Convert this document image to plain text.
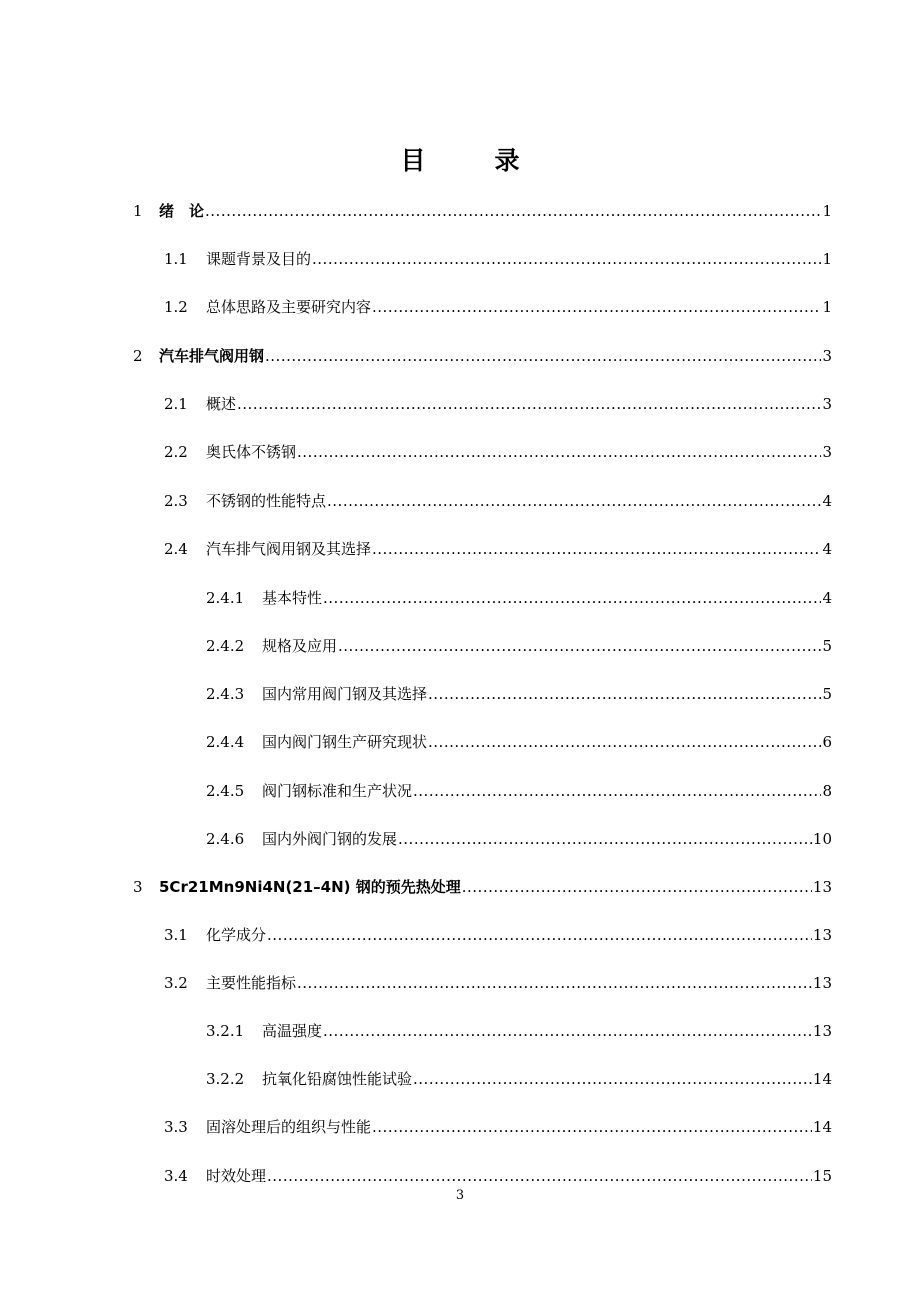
目　录
1	绪　论 .....	1
1.1	课题背景及目的 .....	1
1.2	总体思路及主要研究内容 .....	1
2	汽车排气阀用钢 .....	3
2.1	概述 .....	3
2.2	奥氏体不锈钢 .....	3
2.3	不锈钢的性能特点 .....	4
2.4	汽车排气阀用钢及其选择 .....	4
2.4.1	基本特性 .....	4
2.4.2	规格及应用 .....	5
2.4.3	国内常用阀门钢及其选择 .....	5
2.4.4	国内阀门钢生产研究现状 .....	6
2.4.5	阀门钢标准和生产状况 .....	8
2.4.6	国内外阀门钢的发展 .....	10
3	5Cr21Mn9Ni4N(21–4N) 钢的预先热处理 .....	13
3.1	化学成分 .....	13
3.2	主要性能指标 .....	13
3.2.1	高温强度 .....	13
3.2.2	抗氧化铅腐蚀性能试验 .....	14
3.3	固溶处理后的组织与性能 .....	14
3.4	时效处理 .....	15
3
